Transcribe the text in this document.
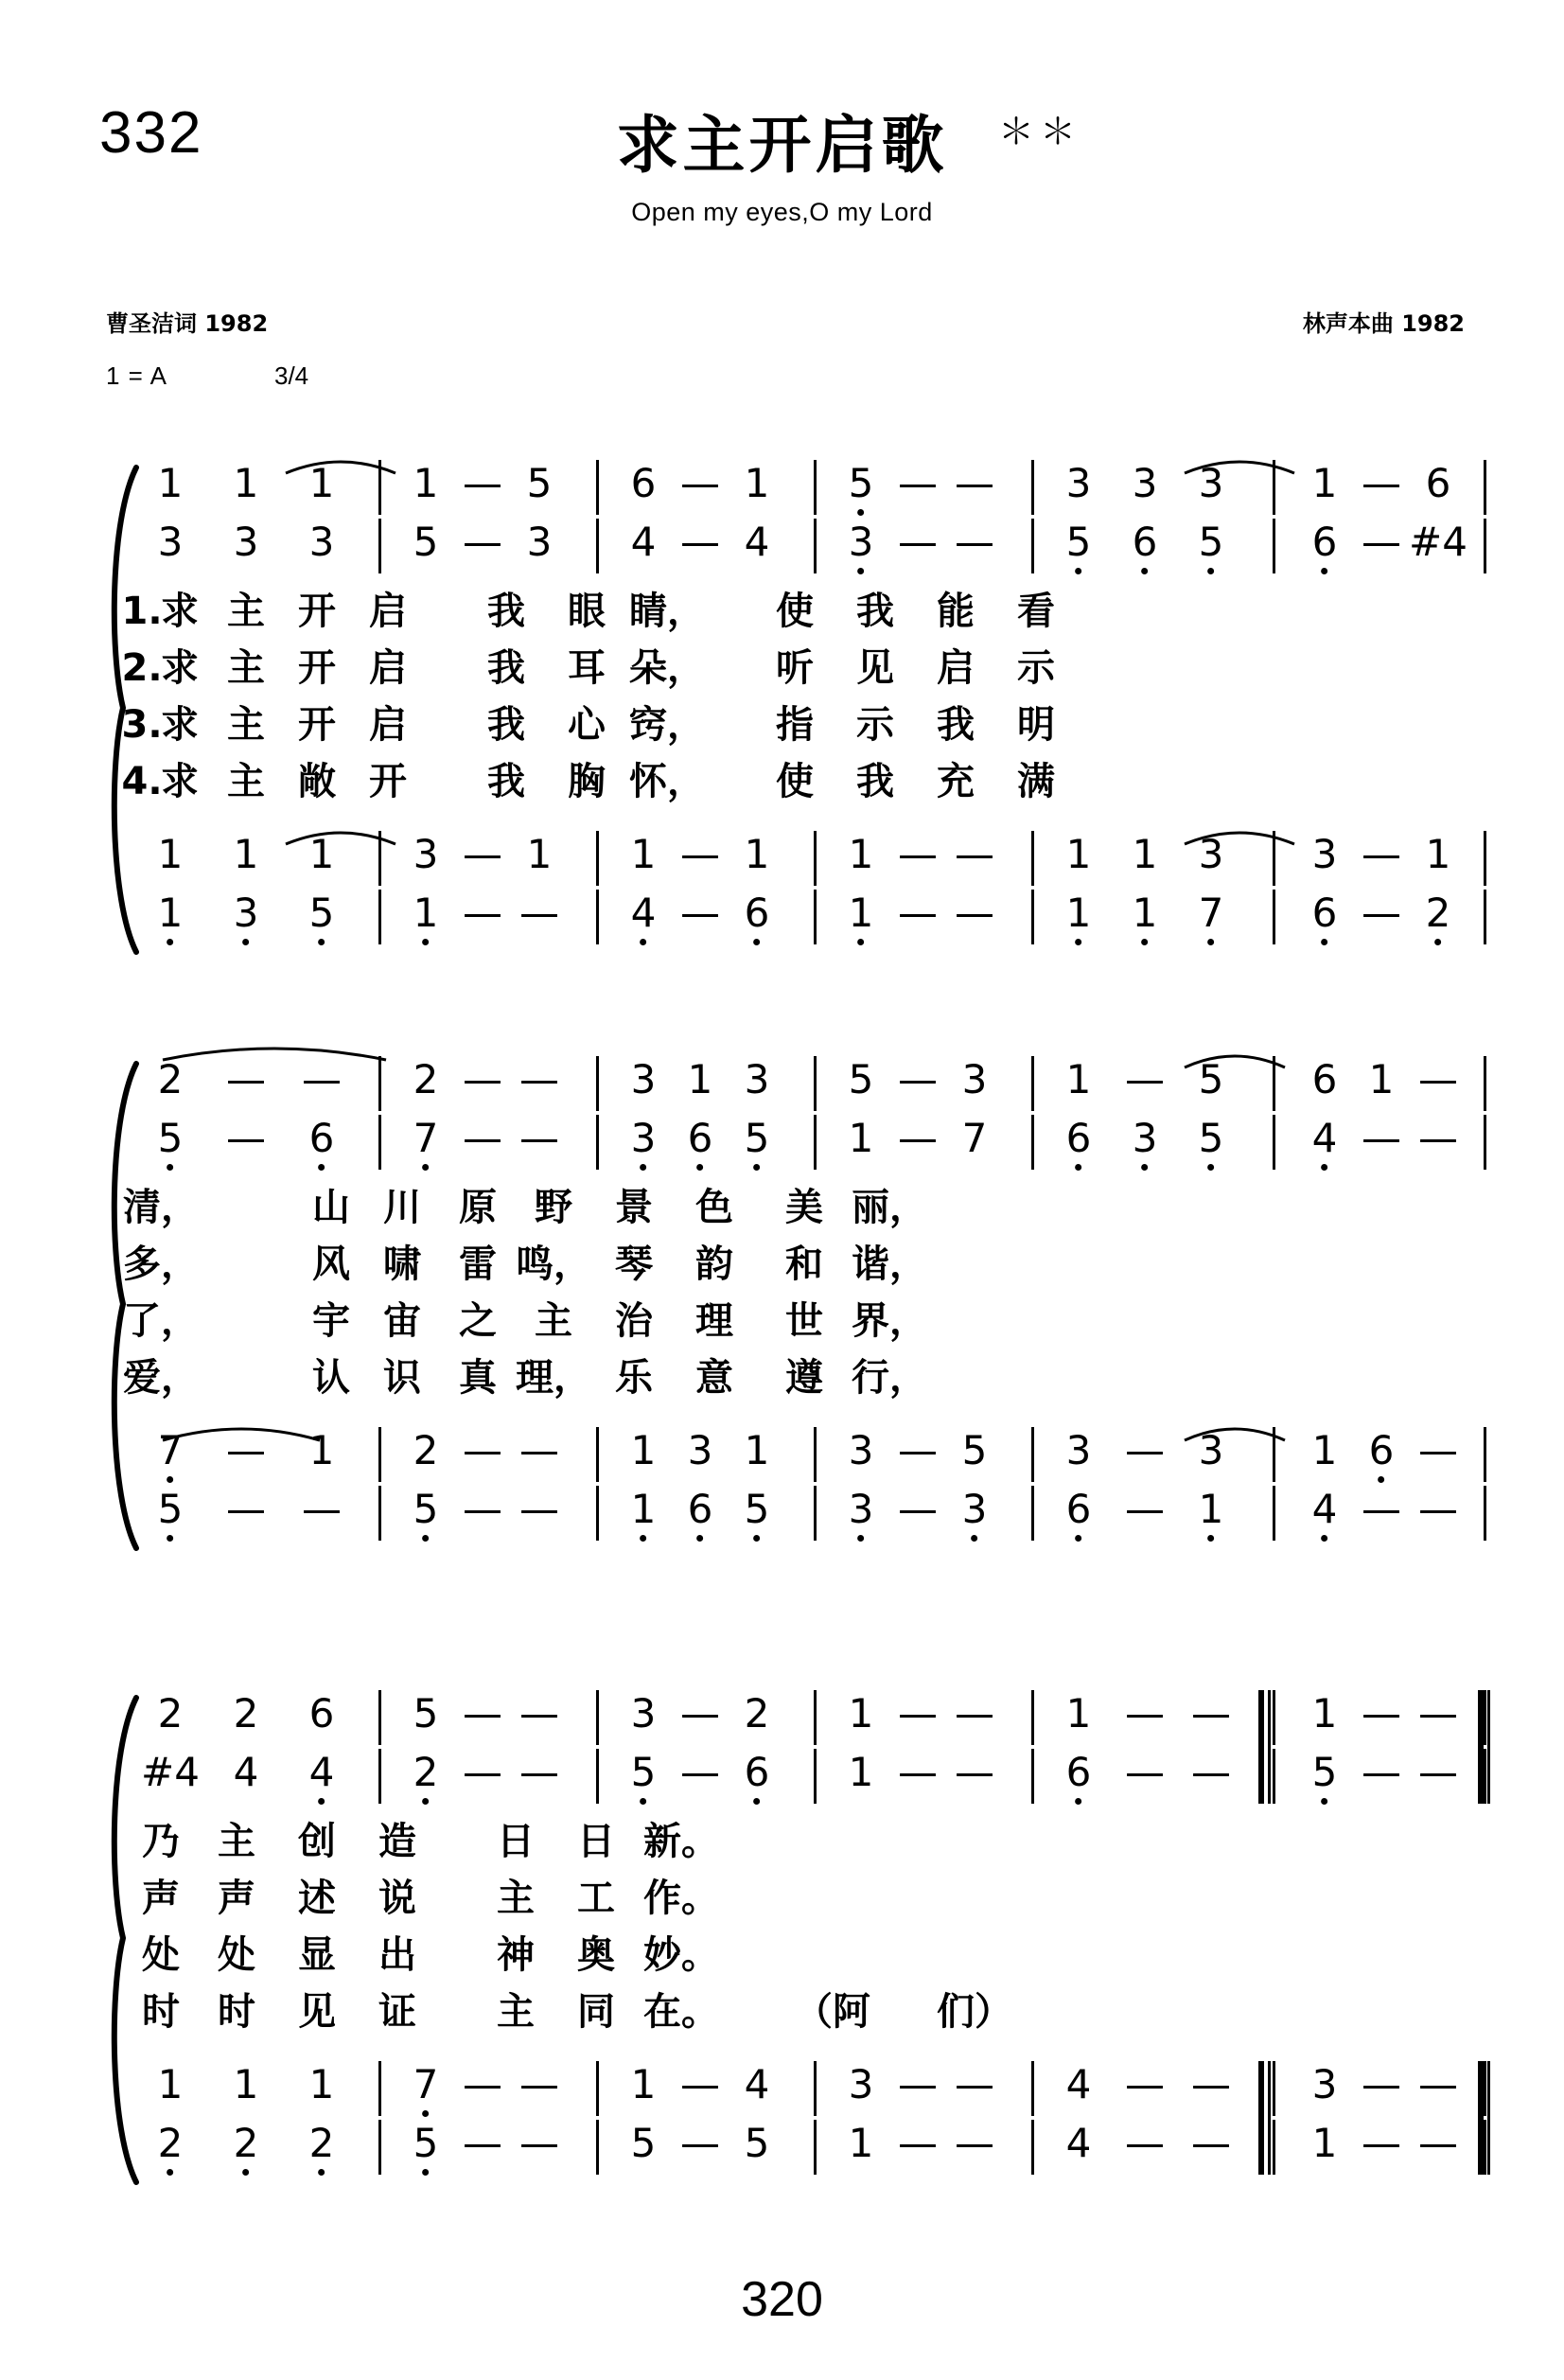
332	求主开启歌
Open my eyes,O my Lord
＊＊
曹圣洁词 1982	林声本曲 1982
1 = A	3/4
1 1 1 1 — 5 6 — 1 5 — — 3 3 3 1 — 6
3 3 3 5 — 3 4 — 4 3 — — 5 6 5 6 — #4
1.
求 主 开 启 我 眼 睛， 使 我 能 看
2.
求 主 开 启 我 耳 朵， 听 见 启 示
3.
求 主 开 启 我 心 窍， 指 示 我 明
4.
求 主 敞 开 我 胸 怀， 使 我 充 满
1 1 1 3 — 1 1 — 1 1 — — 1 1 3 3 — 1
1 3 5 1 — — 4 — 6 1 — — 1 1 7 6 — 2
2 — — 2 — — 3 1 3 5 — 3 1 — 5 6 1 —
5 — 6 7 — — 3 6 5 1 — 7 6 3 5 4 — —
清，	山 川 原 野 景 色 美 丽，
多，	风 啸 雷 鸣， 琴 韵 和 谐，
了，	宇 宙 之 主 治 理 世 界，
爱，	认 识 真 理， 乐 意 遵 行，
7 — 1 2 — — 1 3 1 3 — 5 3 — 3 1 6 —
5 — — 5 — — 1 6 5 3 — 3 6 — 1 4 — —
2 2 6 5 — — 3 — 2 1 — — 1 — — 1 — —
#4 4 4 2 — — 5 — 6 1 — — 6 — — 5 — —
乃 主 创 造 日 日 新。
声 声 述 说 主 工 作。
处 处 显 出 神 奥 妙。
时 时 见 证 主 同 在。 （阿 们）
1 1 1 7 — — 1 — 4 3 — — 4 — — 3 — —
2 2 2 5 — — 5 — 5 1 — — 4 — — 1 — —
320
